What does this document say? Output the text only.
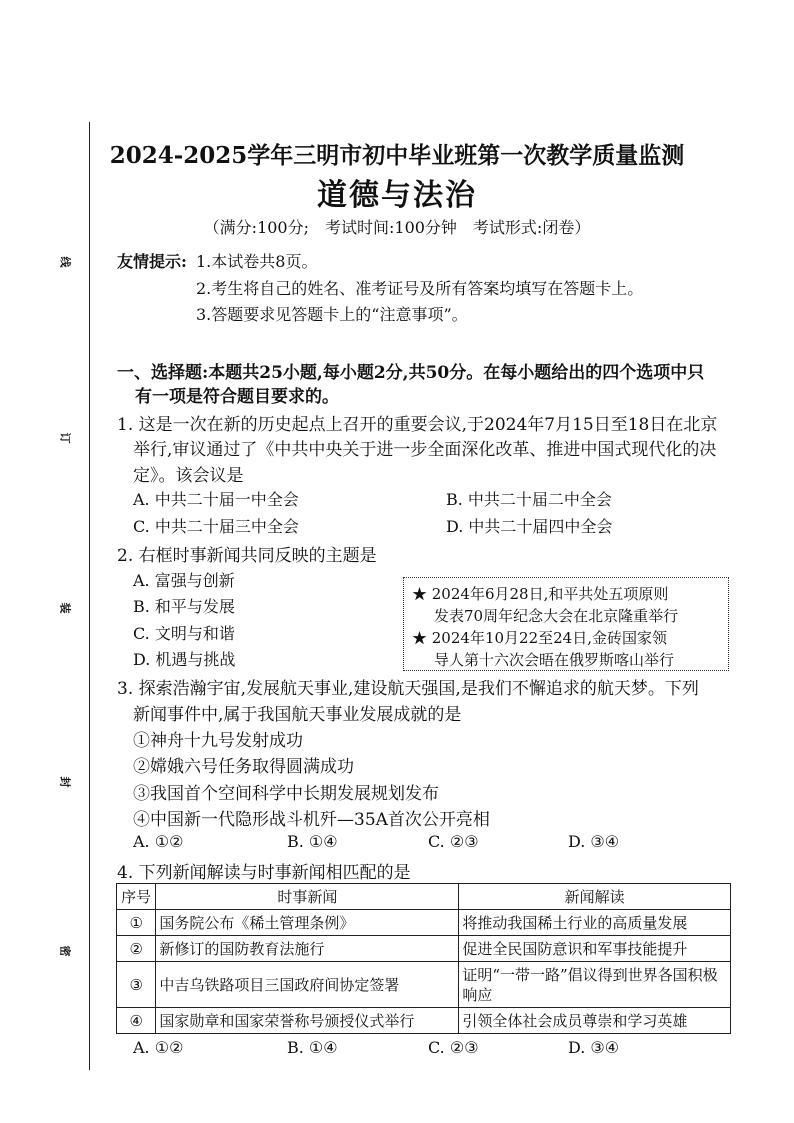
线
订
装
封
密
2024-2025学年三明市初中毕业班第一次教学质量监测
道德与法治
（满分:100分;　考试时间:100分钟　考试形式:闭卷）
友情提示: 1.本试卷共8页。
2.考生将自己的姓名、准考证号及所有答案均填写在答题卡上。
3.答题要求见答题卡上的“注意事项”。
一、选择题:本题共25小题,每小题2分,共50分。在每小题给出的四个选项中只
有一项是符合题目要求的。
1. 这是一次在新的历史起点上召开的重要会议,于2024年7月15日至18日在北京
举行,审议通过了《中共中央关于进一步全面深化改革、推进中国式现代化的决
定》。该会议是
A. 中共二十届一中全会	B. 中共二十届二中全会
C. 中共二十届三中全会	D. 中共二十届四中全会
2. 右框时事新闻共同反映的主题是
A. 富强与创新
B. 和平与发展
C. 文明与和谐
D. 机遇与挑战
★ 2024年6月28日,和平共处五项原则
发表70周年纪念大会在北京隆重举行
★ 2024年10月22至24日,金砖国家领
导人第十六次会晤在俄罗斯喀山举行
3. 探索浩瀚宇宙,发展航天事业,建设航天强国,是我们不懈追求的航天梦。下列
新闻事件中,属于我国航天事业发展成就的是
①神舟十九号发射成功
②嫦娥六号任务取得圆满成功
③我国首个空间科学中长期发展规划发布
④中国新一代隐形战斗机歼—35A首次公开亮相
A. ①②	B. ①④	C. ②③	D. ③④
4. 下列新闻解读与时事新闻相匹配的是
序号	时事新闻	新闻解读
①	国务院公布《稀土管理条例》	将推动我国稀土行业的高质量发展
②	新修订的国防教育法施行	促进全民国防意识和军事技能提升
③	中吉乌铁路项目三国政府间协定签署	证明“一带一路”倡议得到世界各国积极响应
④	国家勋章和国家荣誉称号颁授仪式举行	引领全体社会成员尊崇和学习英雄
A. ①②	B. ①④	C. ②③	D. ③④
